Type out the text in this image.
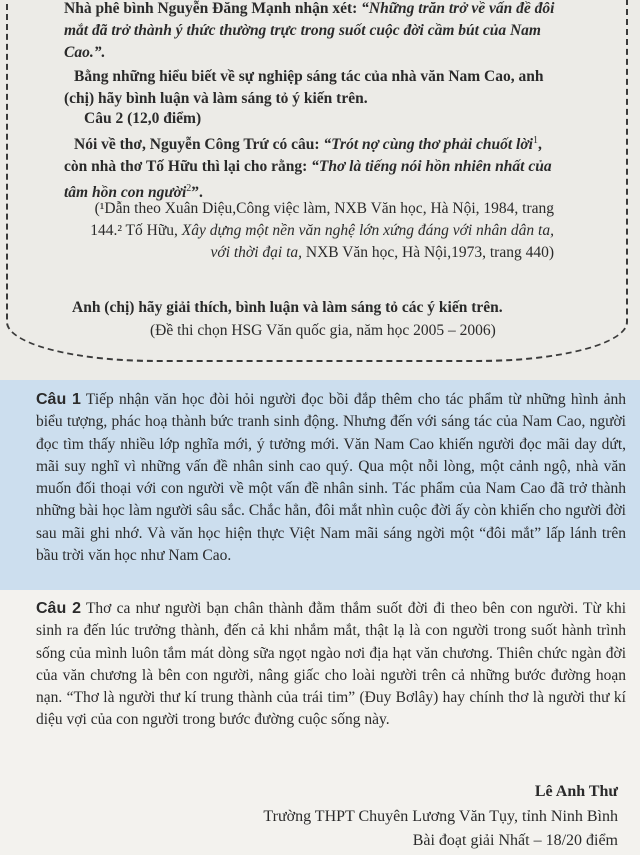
Nhà phê bình Nguyễn Đăng Mạnh nhận xét: “Những trăn trở về vấn đề đôi mắt đã trở thành ý thức thường trực trong suốt cuộc đời cầm bút của Nam Cao.”.

Bằng những hiểu biết về sự nghiệp sáng tác của nhà văn Nam Cao, anh (chị) hãy bình luận và làm sáng tỏ ý kiến trên.

Câu 2 (12,0 điểm)

Nói về thơ, Nguyễn Công Trứ có câu: “Trót nợ cùng thơ phải chuốt lời$^1$, còn nhà thơ Tố Hữu thì lại cho rằng: “Thơ là tiếng nói hồn nhiên nhất của tâm hồn con người$^2$”.

(¹Dẫn theo Xuân Diệu,Công việc làm, NXB Văn học, Hà Nội, 1984, trang 144.² Tố Hữu, Xây dựng một nền văn nghệ lớn xứng đáng với nhân dân ta, với thời đại ta, NXB Văn học, Hà Nội,1973, trang 440)

Anh (chị) hãy giải thích, bình luận và làm sáng tỏ các ý kiến trên.

(Đề thi chọn HSG Văn quốc gia, năm học 2005 – 2006)

Câu 1 Tiếp nhận văn học đòi hỏi người đọc bồi đắp thêm cho tác phẩm từ những hình ảnh biểu tượng, phác hoạ thành bức tranh sinh động. Nhưng đến với sáng tác của Nam Cao, người đọc tìm thấy nhiều lớp nghĩa mới, ý tưởng mới. Văn Nam Cao khiến người đọc mãi day dứt, mãi suy nghĩ vì những vấn đề nhân sinh cao quý. Qua một nỗi lòng, một cảnh ngộ, nhà văn muốn đối thoại với con người về một vấn đề nhân sinh. Tác phẩm của Nam Cao đã trở thành những bài học làm người sâu sắc. Chắc hẳn, đôi mắt nhìn cuộc đời ấy còn khiến cho người đời sau mãi ghi nhớ. Và văn học hiện thực Việt Nam mãi sáng ngời một “đôi mắt” lấp lánh trên bầu trời văn học như Nam Cao.
Câu 2 Thơ ca như người bạn chân thành đằm thắm suốt đời đi theo bên con người. Từ khi sinh ra đến lúc trưởng thành, đến cả khi nhắm mắt, thật lạ là con người trong suốt hành trình sống của mình luôn tắm mát dòng sữa ngọt ngào nơi địa hạt văn chương. Thiên chức ngàn đời của văn chương là bên con người, nâng giấc cho loài người trên cả những bước đường hoạn nạn. “Thơ là người thư kí trung thành của trái tim” (Đuy Bơlây) hay chính thơ là người thư kí diệu vợi của con người trong bước đường cuộc sống này.
Lê Anh Thư
Trường THPT Chuyên Lương Văn Tụy, tỉnh Ninh Bình
Bài đoạt giải Nhất – 18/20 điểm
